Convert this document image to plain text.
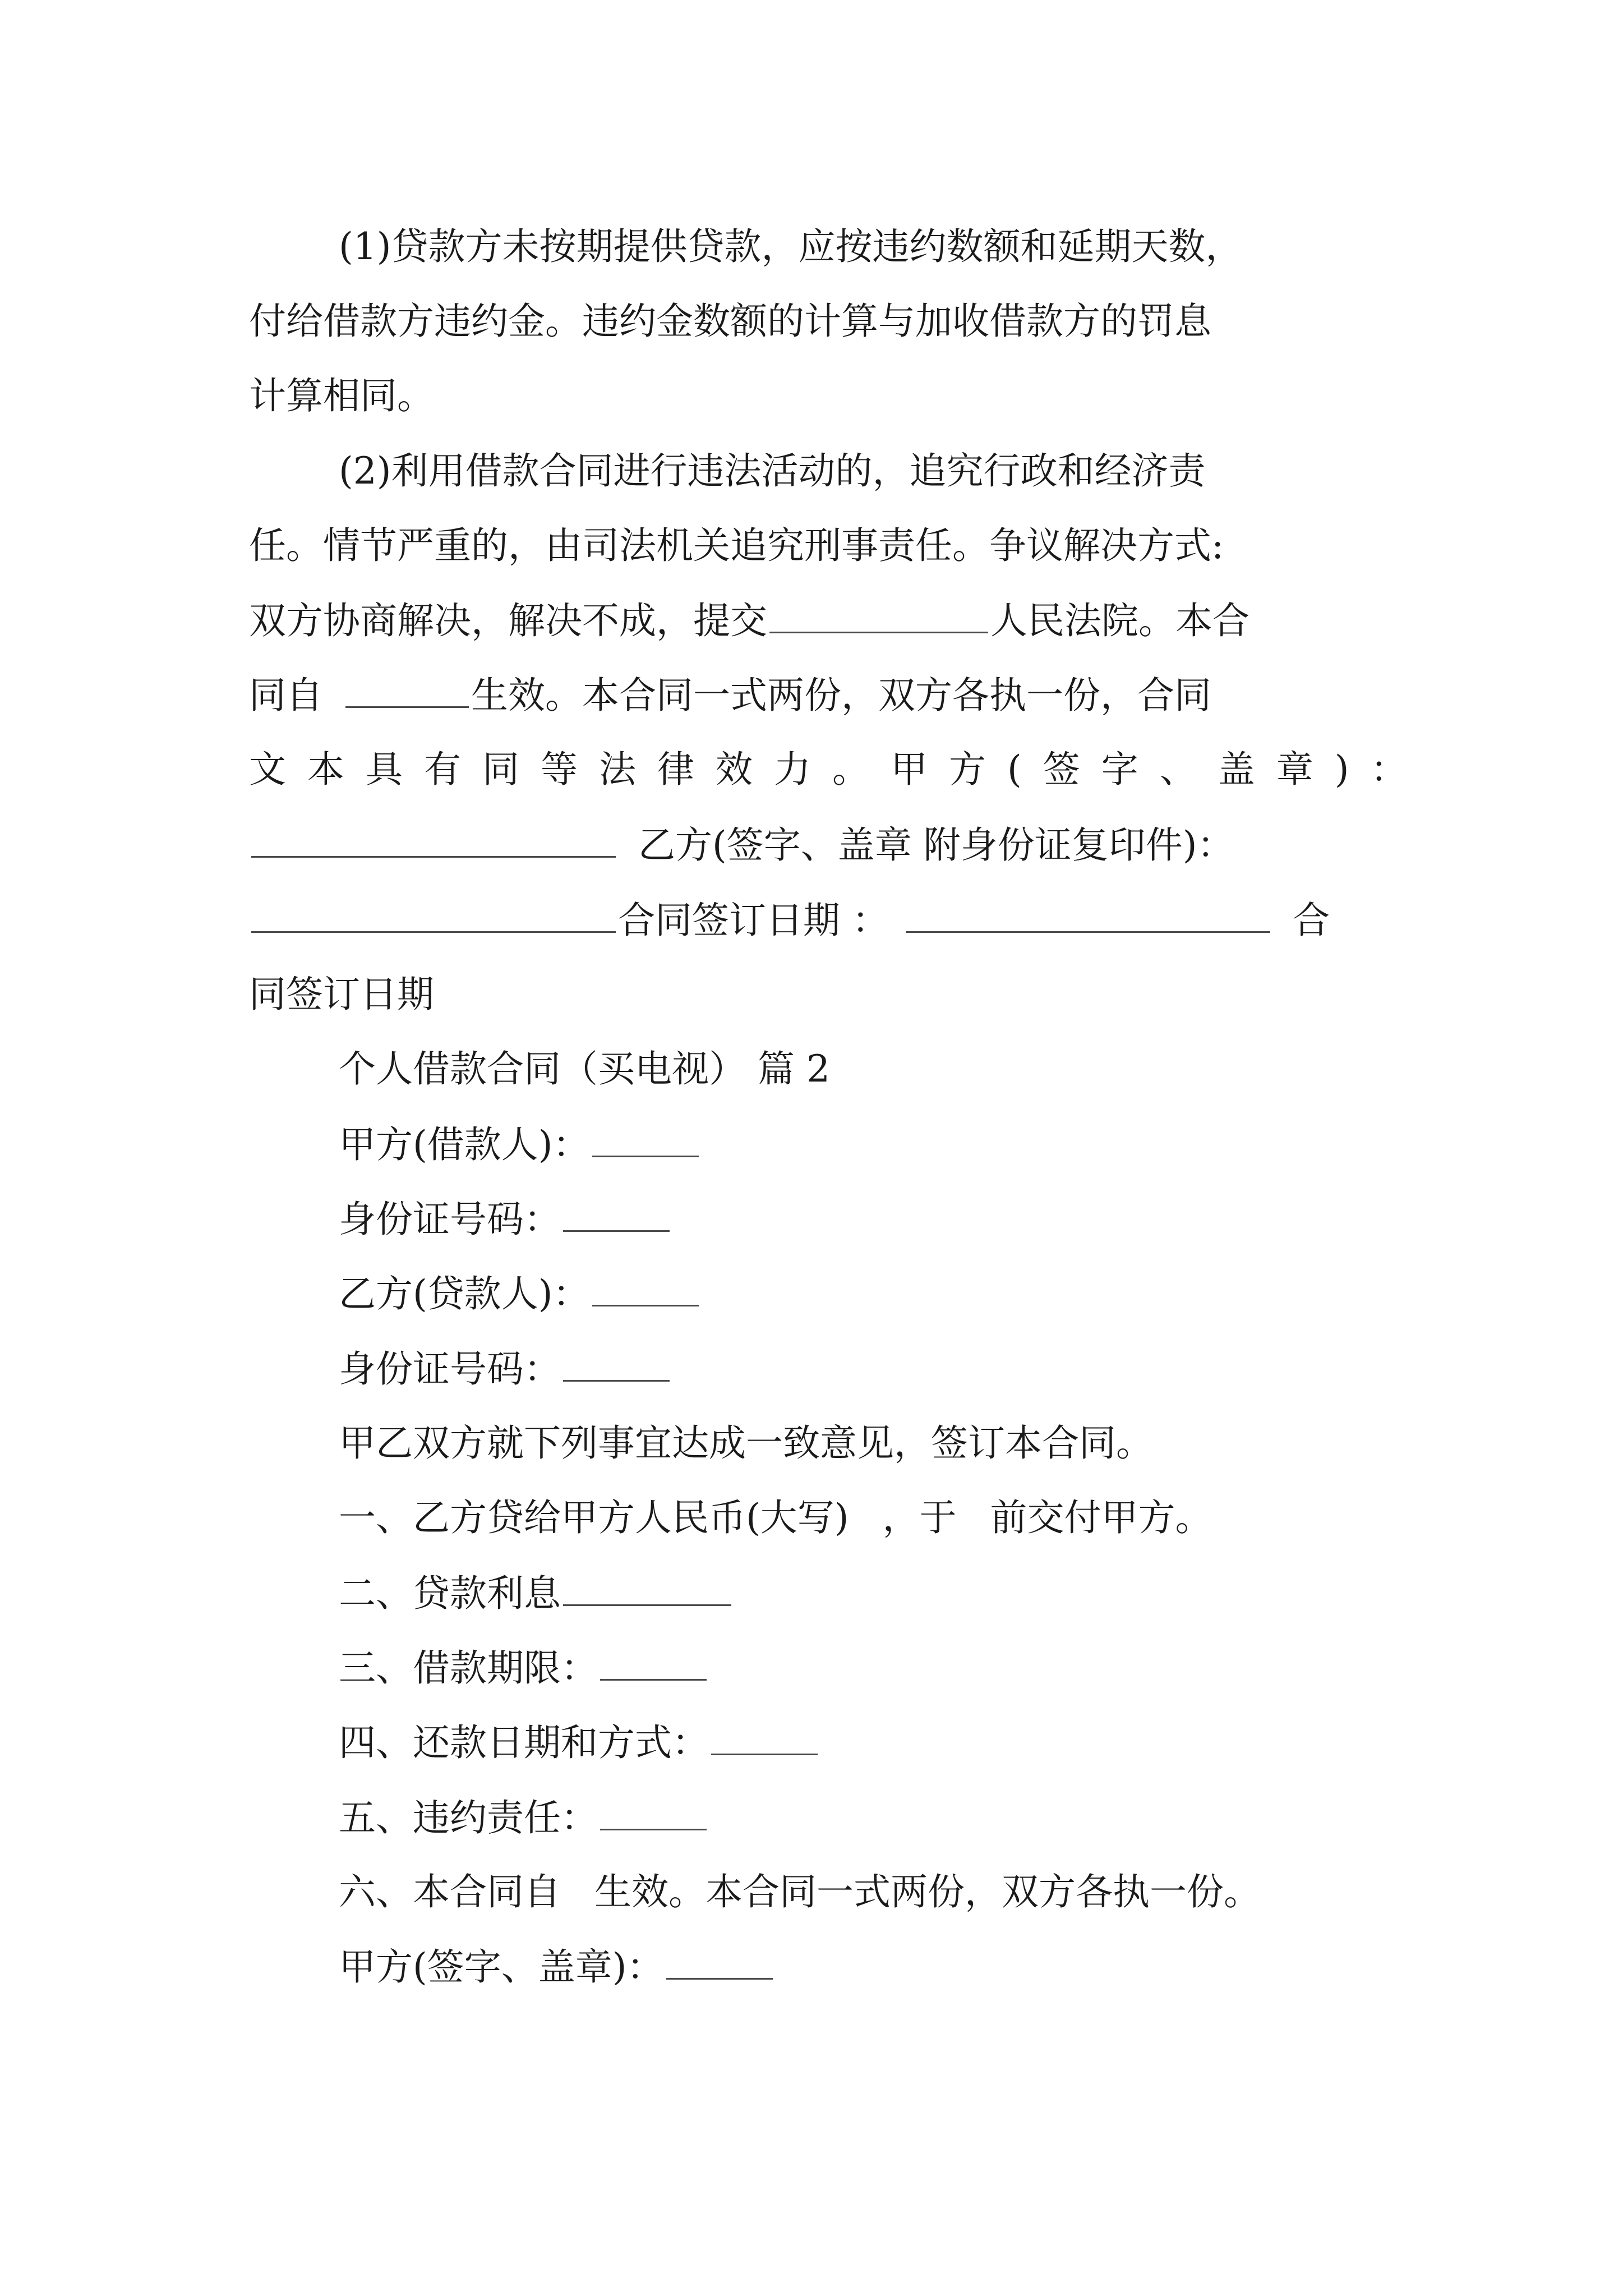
(1)贷款方未按期提供贷款，应按违约数额和延期天数，
付给借款方违约金。违约金数额的计算与加收借款方的罚息
计算相同。
(2)利用借款合同进行违法活动的，追究行政和经济责
任。情节严重的，由司法机关追究刑事责任。争议解决方式:
双方协商解决，解决不成，提交	人民法院。本合
同自	生效。本合同一式两份，双方各执一份，合同
文本具有同等法律效力。甲方(签字、盖章)：
乙方(签字、盖章 附身份证复印件)：
合同签订日期 ：	合
同签订日期
个人借款合同（买电视） 篇 2
甲方(借款人)：
身份证号码：
乙方(贷款人)：
身份证号码：
甲乙双方就下列事宜达成一致意见，签订本合同。
一、乙方贷给甲方人民币(大写) ，于 前交付甲方。
二、贷款利息
三、借款期限：
四、还款日期和方式：
五、违约责任：
六、本合同自 生效。本合同一式两份，双方各执一份。
甲方(签字、盖章)：
